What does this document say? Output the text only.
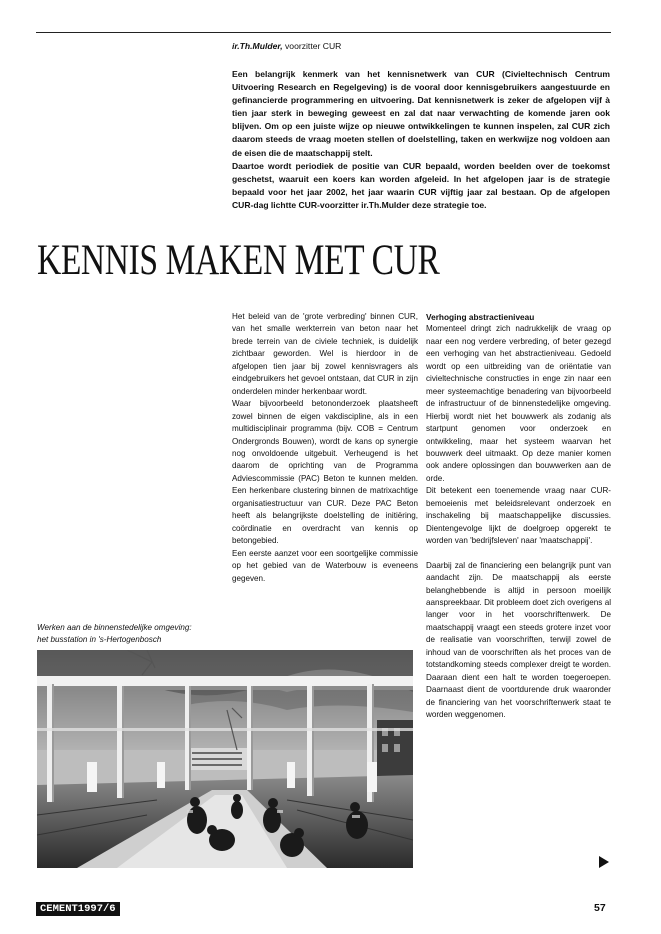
ir.Th.Mulder, voorzitter CUR

Een belangrijk kenmerk van het kennisnetwerk van CUR (Civieltechnisch Centrum Uitvoering Research en Regelgeving) is de vooral door kennisgebruikers aangestuurde en gefinancierde programmering en uitvoering. Dat kennisnetwerk is zeker de afgelopen vijf à tien jaar sterk in beweging geweest en zal dat naar verwachting de komende jaren ook blijven. Om op een juiste wijze op nieuwe ontwikkelingen te kunnen inspelen, zal CUR zich daarom steeds de vraag moeten stellen of doelstelling, taken en werkwijze nog voldoen aan de eisen die de maatschappij stelt.

Daartoe wordt periodiek de positie van CUR bepaald, worden beelden over de toekomst geschetst, waaruit een koers kan worden afgeleid. In het afgelopen jaar is de strategie bepaald voor het jaar 2002, het jaar waarin CUR vijftig jaar zal bestaan. Op de afgelopen CUR-dag lichtte CUR-voorzitter ir.Th.Mulder deze strategie toe.

KENNIS MAKEN MET CUR

Het beleid van de 'grote verbreding' binnen CUR, van het smalle werkterrein van beton naar het brede terrein van de civiele techniek, is duidelijk zichtbaar geworden. Wel is hierdoor in de afgelopen tien jaar bij zowel kennisvragers als eindgebruikers het gevoel ontstaan, dat CUR in zijn onderdelen minder herkenbaar wordt.

Waar bijvoorbeeld betononderzoek plaatsheeft zowel binnen de eigen vakdiscipline, als in een multidisciplinair programma (bijv. COB = Centrum Ondergronds Bouwen), wordt de kans op synergie nog onvoldoende uitgebuit. Verheugend is het daarom de oprichting van de Programma Adviescommissie (PAC) Beton te kunnen melden. Een herkenbare clustering binnen de matrixachtige organisatiestructuur van CUR. Deze PAC Beton heeft als belangrijkste doelstelling de initiëring, coördinatie en overdracht van kennis op betongebied.

Een eerste aanzet voor een soortgelijke commissie op het gebied van de Waterbouw is eveneens gegeven.

Verhoging abstractieniveau

Momenteel dringt zich nadrukkelijk de vraag op naar een nog verdere verbreding, of beter gezegd een verhoging van het abstractieniveau. Gedoeld wordt op een uitbreiding van de oriëntatie van civieltechnische constructies in enge zin naar een meer systeemachtige benadering van bijvoorbeeld de infrastructuur of de binnenstedelijke omgeving. Hierbij wordt niet het bouwwerk als zodanig als startpunt genomen voor onderzoek en ontwikkeling, maar het systeem waarvan het bouwwerk deel uitmaakt. Op deze manier komen ook andere oplossingen dan bouwwerken aan de orde.

Dit betekent een toenemende vraag naar CUR-bemoeienis met beleidsrelevant onderzoek en inschakeling bij maatschappelijke discussies. Dientengevolge lijkt de doelgroep opgerekt te worden van 'bedrijfsleven' naar 'maatschappij'.

Daarbij zal de financiering een belangrijk punt van aandacht zijn. De maatschappij als eerste belanghebbende is altijd in persoon moeilijk aanspreekbaar. Dit probleem doet zich overigens al langer voor in het voorschriftenwerk. De maatschappij vraagt een steeds grotere inzet voor de realisatie van voorschriften, terwijl zowel de inhoud van de voorschriften als het proces van de totstandkoming steeds complexer dreigt te worden. Daaraan dient een halt te worden toegeroepen. Daarnaast dient de voortdurende druk waaronder de financiering van het voorschriftenwerk staat te worden weggenomen.

Werken aan de binnenstedelijke omgeving:
het busstation in 's-Hertogenbosch
CEMENT1997/6	57
